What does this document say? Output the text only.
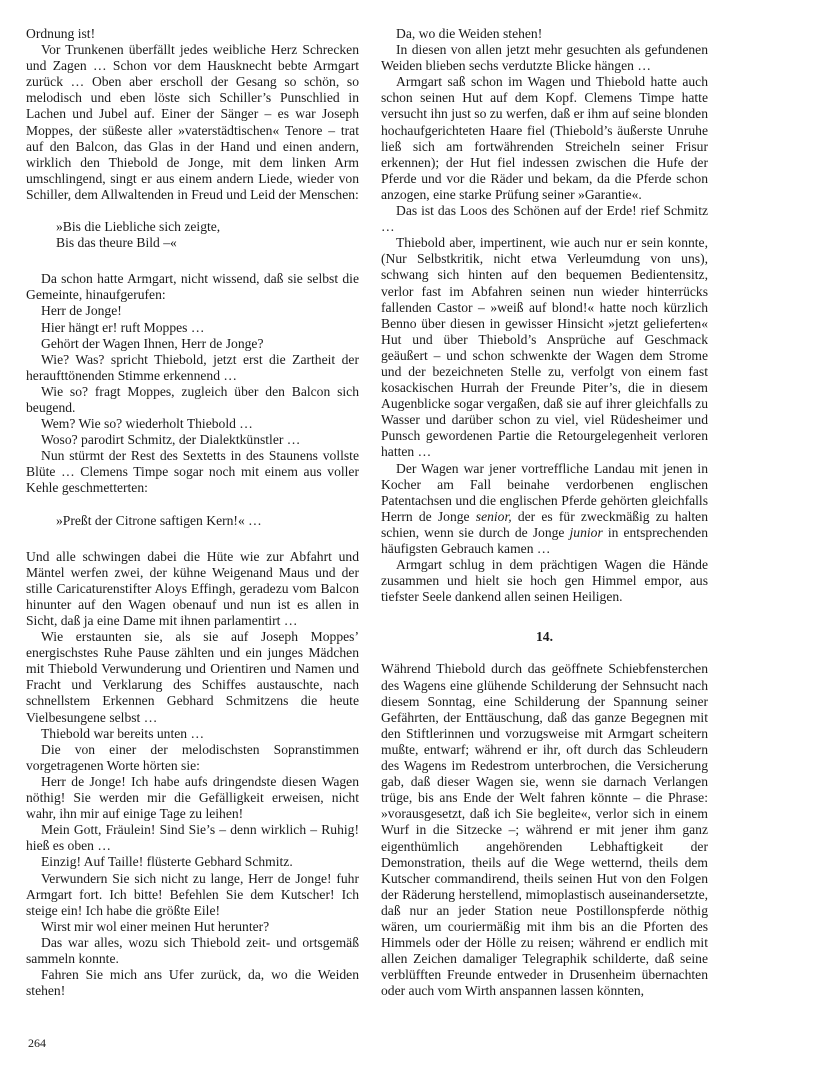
Ordnung ist!

Vor Trunkenen überfällt jedes weibliche Herz Schrecken und Zagen … Schon vor dem Hausknecht bebte Armgart zurück … Oben aber erscholl der Gesang so schön, so melodisch und eben löste sich Schiller’s Punschlied in Lachen und Jubel auf. Einer der Sänger – es war Joseph Moppes, der süßeste aller »vaterstädtischen« Tenore – trat auf den Balcon, das Glas in der Hand und einen andern, wirklich den Thiebold de Jonge, mit dem linken Arm umschlingend, singt er aus einem andern Liede, wieder von Schiller, dem Allwaltenden in Freud und Leid der Menschen:

»Bis die Liebliche sich zeigte,

Bis das theure Bild –«

Da schon hatte Armgart, nicht wissend, daß sie selbst die Gemeinte, hinaufgerufen:

Herr de Jonge!

Hier hängt er! ruft Moppes …

Gehört der Wagen Ihnen, Herr de Jonge?

Wie? Was? spricht Thiebold, jetzt erst die Zartheit der heraufttönenden Stimme erkennend …

Wie so? fragt Moppes, zugleich über den Balcon sich beugend.

Wem? Wie so? wiederholt Thiebold …

Woso? parodirt Schmitz, der Dialektkünstler …

Nun stürmt der Rest des Sextetts in des Staunens vollste Blüte … Clemens Timpe sogar noch mit einem aus voller Kehle geschmetterten:

»Preßt der Citrone saftigen Kern!« …

Und alle schwingen dabei die Hüte wie zur Abfahrt und Mäntel werfen zwei, der kühne Weigenand Maus und der stille Caricaturenstifter Aloys Effingh, geradezu vom Balcon hinunter auf den Wagen obenauf und nun ist es allen in Sicht, daß ja eine Dame mit ihnen parlamentirt …

Wie erstaunten sie, als sie auf Joseph Moppes’ energischstes Ruhe Pause zählten und ein junges Mädchen mit Thiebold Verwunderung und Orientiren und Namen und Fracht und Verklarung des Schiffes austauschte, nach schnellstem Erkennen Gebhard Schmitzens die heute Vielbesungene selbst …

Thiebold war bereits unten …

Die von einer der melodischsten Sopranstimmen vorgetragenen Worte hörten sie:

Herr de Jonge! Ich habe aufs dringendste diesen Wagen nöthig! Sie werden mir die Gefälligkeit erweisen, nicht wahr, ihn mir auf einige Tage zu leihen!

Mein Gott, Fräulein! Sind Sie’s – denn wirklich – Ruhig! hieß es oben …

Einzig! Auf Taille! flüsterte Gebhard Schmitz.

Verwundern Sie sich nicht zu lange, Herr de Jonge! fuhr Armgart fort. Ich bitte! Befehlen Sie dem Kutscher! Ich steige ein! Ich habe die größte Eile!

Wirst mir wol einer meinen Hut herunter?

Das war alles, wozu sich Thiebold zeit- und ortsgemäß sammeln konnte.

Fahren Sie mich ans Ufer zurück, da, wo die Weiden stehen!

Da, wo die Weiden stehen!

In diesen von allen jetzt mehr gesuchten als gefundenen Weiden blieben sechs verdutzte Blicke hängen …

Armgart saß schon im Wagen und Thiebold hatte auch schon seinen Hut auf dem Kopf. Clemens Timpe hatte versucht ihn just so zu werfen, daß er ihm auf seine blonden hochaufgerichteten Haare fiel (Thiebold’s äußerste Unruhe ließ sich am fortwährenden Streicheln seiner Frisur erkennen); der Hut fiel indessen zwischen die Hufe der Pferde und vor die Räder und bekam, da die Pferde schon anzogen, eine starke Prüfung seiner »Garantie«.

Das ist das Loos des Schönen auf der Erde! rief Schmitz …

Thiebold aber, impertinent, wie auch nur er sein konnte, (Nur Selbstkritik, nicht etwa Verleumdung von uns), schwang sich hinten auf den bequemen Bedientensitz, verlor fast im Abfahren seinen nun wieder hinterrücks fallenden Castor – »weiß auf blond!« hatte noch kürzlich Benno über diesen in gewisser Hinsicht »jetzt gelieferten« Hut und über Thiebold’s Ansprüche auf Geschmack geäußert – und schon schwenkte der Wagen dem Strome und der bezeichneten Stelle zu, verfolgt von einem fast kosackischen Hurrah der Freunde Piter’s, die in diesem Augenblicke sogar vergaßen, daß sie auf ihrer gleichfalls zu Wasser und darüber schon zu viel, viel Rüdesheimer und Punsch gewordenen Partie die Retourgelegenheit verloren hatten …

Der Wagen war jener vortreffliche Landau mit jenen in Kocher am Fall beinahe verdorbenen englischen Patentachsen und die englischen Pferde gehörten gleichfalls Herrn de Jonge senior, der es für zweckmäßig zu halten schien, wenn sie durch de Jonge junior in entsprechenden häufigsten Gebrauch kamen …

Armgart schlug in dem prächtigen Wagen die Hände zusammen und hielt sie hoch gen Himmel empor, aus tiefster Seele dankend allen seinen Heiligen.

14.

Während Thiebold durch das geöffnete Schiebfensterchen des Wagens eine glühende Schilderung der Sehnsucht nach diesem Sonntag, eine Schilderung der Spannung seiner Gefährten, der Enttäuschung, daß das ganze Begegnen mit den Stiftlerinnen und vorzugsweise mit Armgart scheitern mußte, entwarf; während er ihr, oft durch das Schleudern des Wagens im Redestrom unterbrochen, die Versicherung gab, daß dieser Wagen sie, wenn sie darnach Verlangen trüge, bis ans Ende der Welt fahren könnte – die Phrase: »vorausgesetzt, daß ich Sie begleite«, verlor sich in einem Wurf in die Sitzecke –; während er mit jener ihm ganz eigenthümlich angehörenden Lebhaftigkeit der Demonstration, theils auf die Wege wetternd, theils dem Kutscher commandirend, theils seinen Hut von den Folgen der Räderung herstellend, mimoplastisch auseinandersetzte, daß nur an jeder Station neue Postillonspferde nöthig wären, um couriermäßig mit ihm bis an die Pforten des Himmels oder der Hölle zu reisen; während er endlich mit allen Zeichen damaliger Telegraphik schilderte, daß seine verblüfften Freunde entweder in Drusenheim übernachten oder auch vom Wirth anspannen lassen könnten,

264
